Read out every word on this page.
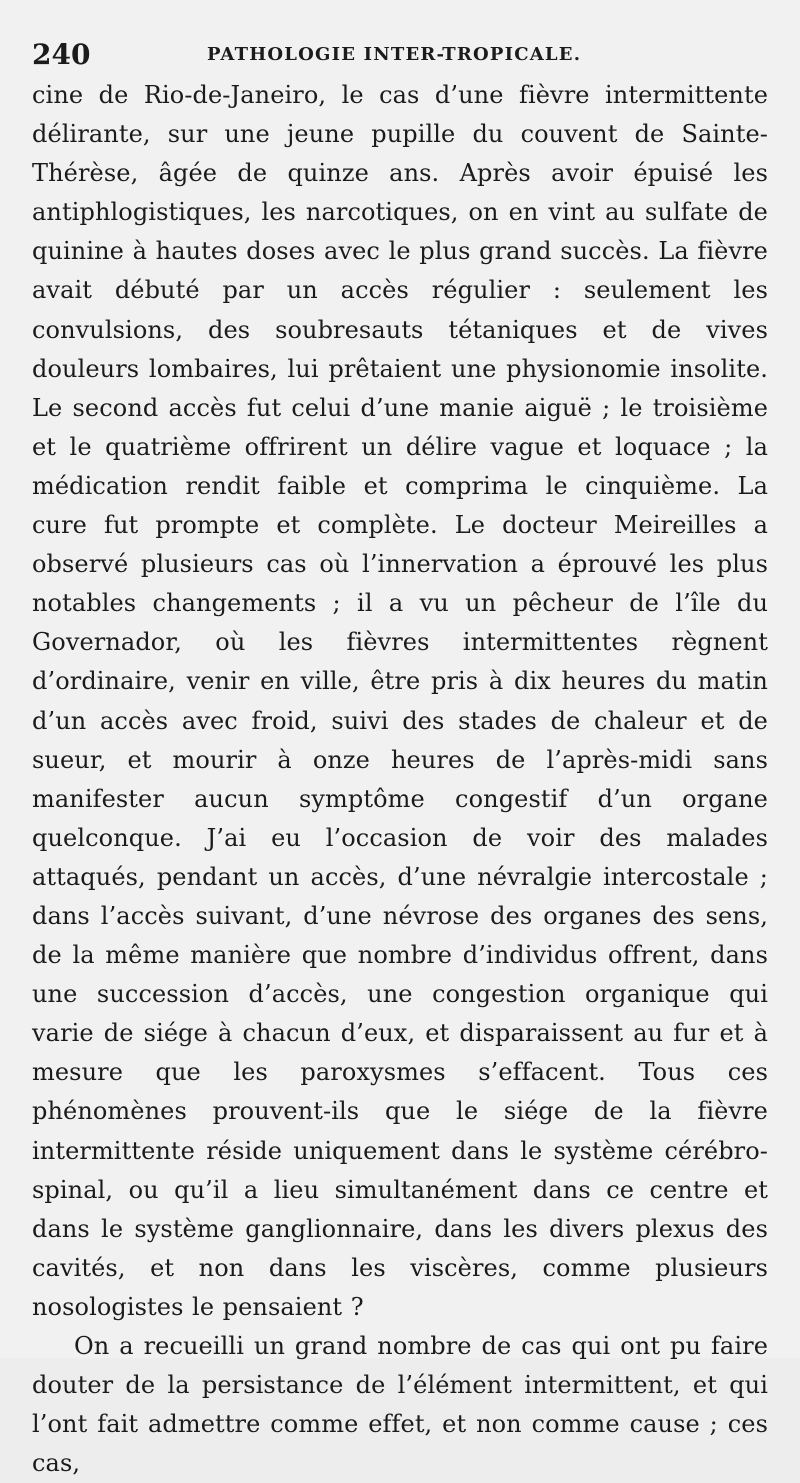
240	PATHOLOGIE INTER-TROPICALE.

cine de Rio-de-Janeiro, le cas d’une fièvre intermittente délirante, sur une jeune pupille du couvent de Sainte-Thérèse, âgée de quinze ans. Après avoir épuisé les antiphlogistiques, les narcotiques, on en vint au sulfate de quinine à hautes doses avec le plus grand succès. La fièvre avait débuté par un accès régulier : seulement les convulsions, des soubresauts tétaniques et de vives douleurs lombaires, lui prêtaient une physionomie insolite. Le second accès fut celui d’une manie aiguë ; le troisième et le quatrième offrirent un délire vague et loquace ; la médication rendit faible et comprima le cinquième. La cure fut prompte et complète. Le docteur Meireilles a observé plusieurs cas où l’innervation a éprouvé les plus notables changements ; il a vu un pêcheur de l’île du Governador, où les fièvres intermittentes règnent d’ordinaire, venir en ville, être pris à dix heures du matin d’un accès avec froid, suivi des stades de chaleur et de sueur, et mourir à onze heures de l’après-midi sans manifester aucun symptôme congestif d’un organe quelconque. J’ai eu l’occasion de voir des malades attaqués, pendant un accès, d’une névralgie intercostale ; dans l’accès suivant, d’une névrose des organes des sens, de la même manière que nombre d’individus offrent, dans une succession d’accès, une congestion organique qui varie de siége à chacun d’eux, et disparaissent au fur et à mesure que les paroxysmes s’effacent. Tous ces phénomènes prouvent-ils que le siége de la fièvre intermittente réside uniquement dans le système cérébro-spinal, ou qu’il a lieu simultanément dans ce centre et dans le système ganglionnaire, dans les divers plexus des cavités, et non dans les viscères, comme plusieurs nosologistes le pensaient ?

On a recueilli un grand nombre de cas qui ont pu faire douter de la persistance de l’élément intermittent, et qui l’ont fait admettre comme effet, et non comme cause ; ces cas,
